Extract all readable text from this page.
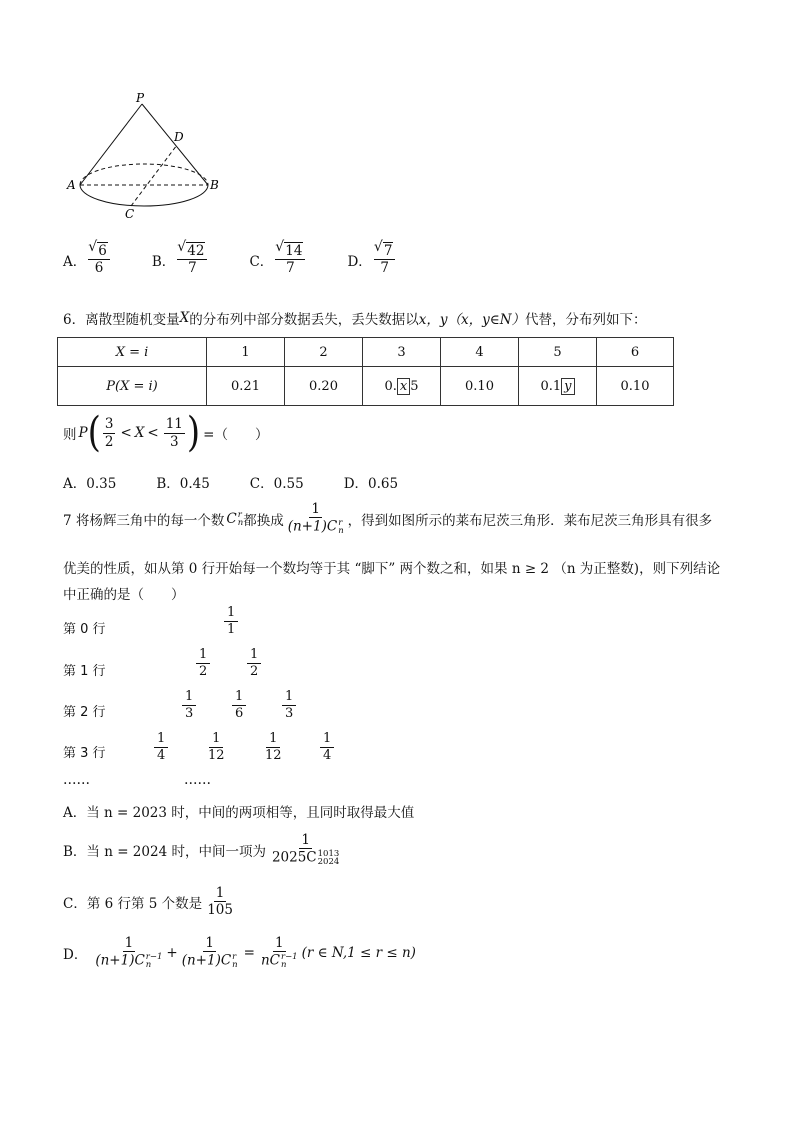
P
D
A	B
C
A． √ $\frac{6}{6}$	B． √ $\frac{42}{7}$	C． √ $\frac{14}{7}$	D． √ $\frac{7}{7}$
6．离散型随机变量 X 的分布列中部分数据丢失，丢失数据以 x，y（x，y∈N） 代替，分布列如下：
X = i	1	2	3	4	5	6
P(X = i)	0.21	0.20	0. x 5	0.10	0.1 y	0.10
则 P ( $\frac{3}{2} < X < \frac{11}{3}$ ) =（　　）
A．0.35	B．0.45	C．0.55	D．0.65
7 将杨辉三角中的每一个数 C r
n 都换成 1
(n+1)C r
n ，得到如图所示的莱布尼茨三角形．莱布尼茨三角形具有很多
优美的性质，如从第 0 行开始每一个数均等于其 “脚下” 两个数之和，如果 n ≥ 2 （n 为正整数)，则下列结论
中正确的是（　　）
第 0 行	$\frac{1}{1}$
第 1 行	$\frac{1}{2}$	$\frac{1}{2}$
第 2 行	$\frac{1}{3}$	$\frac{1}{6}$	$\frac{1}{3}$
第 3 行	$\frac{1}{4}$	$\frac{1}{12}$	$\frac{1}{12}$	$\frac{1}{4}$
……	……
A．当 n = 2023 时，中间的两项相等，且同时取得最大值
B．当 n = 2024 时，中间一项为 1
2025C 1013
2024
C．第 6 行第 5 个数是 $\frac{1}{105}$
D． 1
(n+1)C r−1
n + 1
(n+1)C r
n = 1
nC r−1
n (r ∈ N,1 ≤ r ≤ n)
